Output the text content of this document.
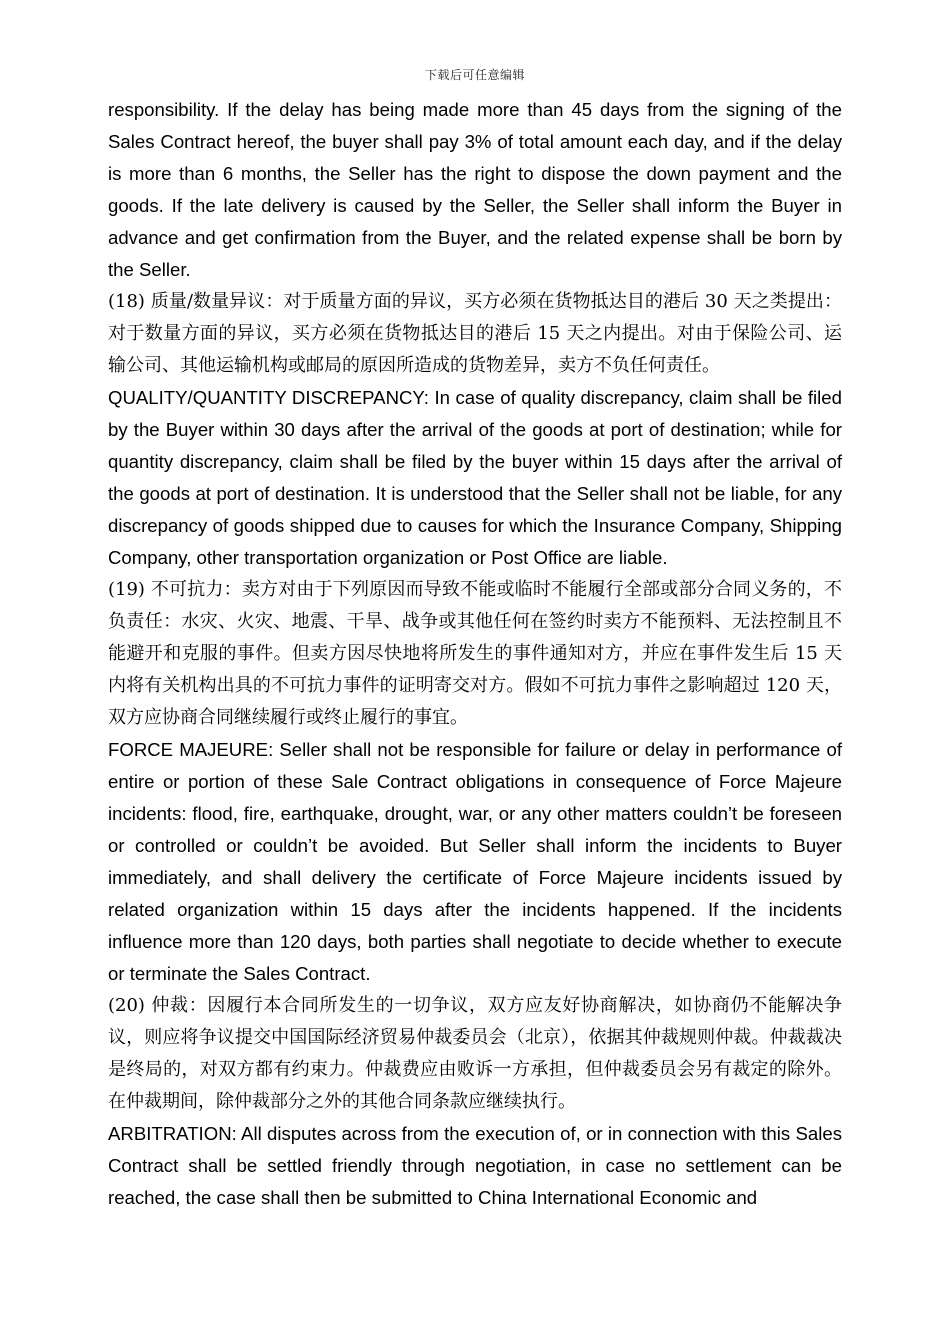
下载后可任意编辑

responsibility. If the delay has being made more than 45 days from the signing of the Sales Contract hereof, the buyer shall pay 3% of total amount each day, and if the delay is more than 6 months, the Seller has the right to dispose the down payment and the goods. If the late delivery is caused by the Seller, the Seller shall inform the Buyer in advance and get confirmation from the Buyer, and the related expense shall be born by the Seller.

(18) 质量/数量异议：对于质量方面的异议，买方必须在货物抵达目的港后 30 天之类提出：对于数量方面的异议，买方必须在货物抵达目的港后 15 天之内提出。对由于保险公司、运输公司、其他运输机构或邮局的原因所造成的货物差异，卖方不负任何责任。

QUALITY/QUANTITY DISCREPANCY: In case of quality discrepancy, claim shall be filed by the Buyer within 30 days after the arrival of the goods at port of destination; while for quantity discrepancy, claim shall be filed by the buyer within 15 days after the arrival of the goods at port of destination. It is understood that the Seller shall not be liable, for any discrepancy of goods shipped due to causes for which the Insurance Company, Shipping Company, other transportation organization or Post Office are liable.

(19) 不可抗力：卖方对由于下列原因而导致不能或临时不能履行全部或部分合同义务的，不负责任：水灾、火灾、地震、干旱、战争或其他任何在签约时卖方不能预料、无法控制且不能避开和克服的事件。但卖方因尽快地将所发生的事件通知对方，并应在事件发生后 15 天内将有关机构出具的不可抗力事件的证明寄交对方。假如不可抗力事件之影响超过 120 天，双方应协商合同继续履行或终止履行的事宜。

FORCE MAJEURE: Seller shall not be responsible for failure or delay in performance of entire or portion of these Sale Contract obligations in consequence of Force Majeure incidents: flood, fire, earthquake, drought, war, or any other matters couldn’t be foreseen or controlled or couldn’t be avoided. But Seller shall inform the incidents to Buyer immediately, and shall delivery the certificate of Force Majeure incidents issued by related organization within 15 days after the incidents happened. If the incidents influence more than 120 days, both parties shall negotiate to decide whether to execute or terminate the Sales Contract.

(20) 仲裁：因履行本合同所发生的一切争议，双方应友好协商解决，如协商仍不能解决争议，则应将争议提交中国国际经济贸易仲裁委员会（北京），依据其仲裁规则仲裁。仲裁裁决是终局的，对双方都有约束力。仲裁费应由败诉一方承担，但仲裁委员会另有裁定的除外。在仲裁期间，除仲裁部分之外的其他合同条款应继续执行。

ARBITRATION: All disputes across from the execution of, or in connection with this Sales Contract shall be settled friendly through negotiation, in case no settlement can be reached, the case shall then be submitted to China International Economic and
